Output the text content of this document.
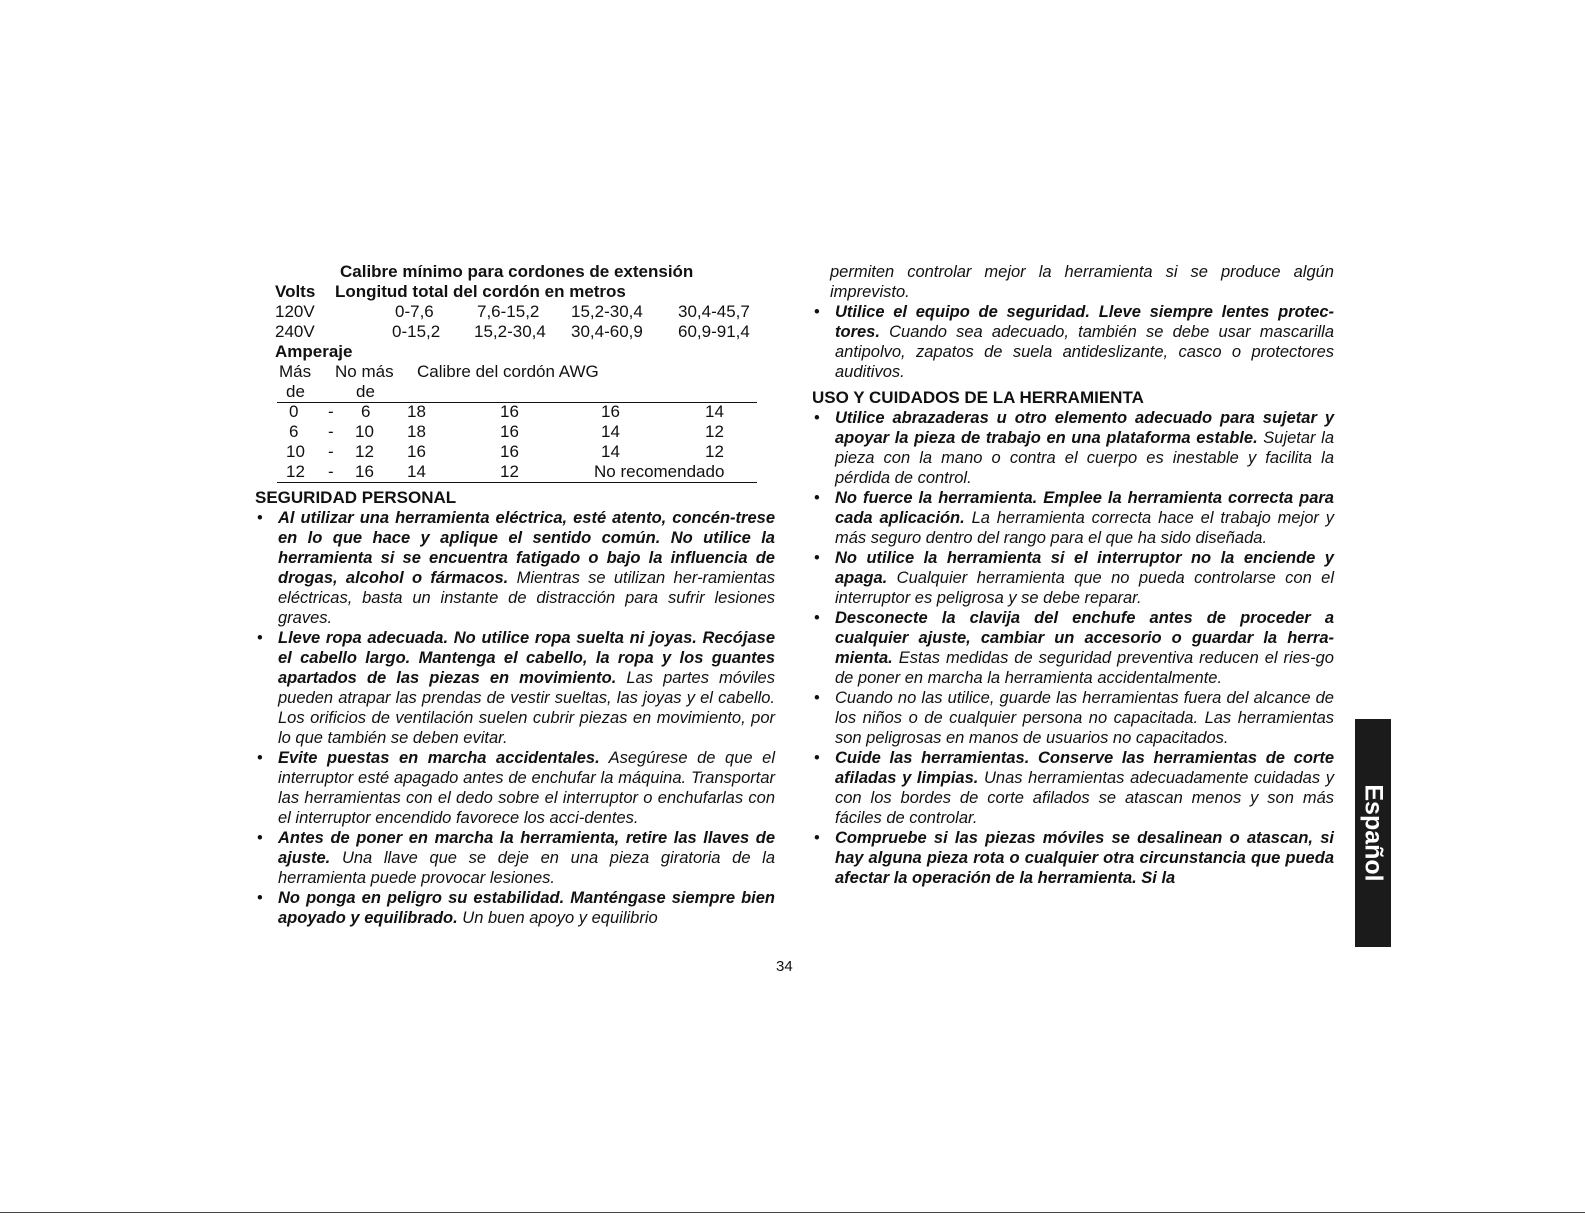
Calibre mínimo para cordones de extensión
Volts Longitud total del cordón en metros
120V	0-7,6	7,6-15,2 15,2-30,4 30,4-45,7
240V	0-15,2 15,2-30,4 30,4-60,9 60,9-91,4
Amperaje
Más No más Calibre del cordón AWG
de	de
0 - 6 18	16	16	14
6 - 10 18	16	14	12
10 - 12 16	16	14	12
12 - 16 14	12	No recomendado
SEGURIDAD PERSONAL
• Al utilizar una herramienta eléctrica, esté atento, concén-trese en lo que hace y aplique el sentido común. No utilice la herramienta si se encuentra fatigado o bajo la influencia de drogas, alcohol o fármacos. Mientras se utilizan her-ramientas eléctricas, basta un instante de distracción para sufrir lesiones graves.
• Lleve ropa adecuada. No utilice ropa suelta ni joyas. Recójase el cabello largo. Mantenga el cabello, la ropa y los guantes apartados de las piezas en movimiento. Las partes móviles pueden atrapar las prendas de vestir sueltas, las joyas y el cabello. Los orificios de ventilación suelen cubrir piezas en movimiento, por lo que también se deben evitar.
• Evite puestas en marcha accidentales. Asegúrese de que el interruptor esté apagado antes de enchufar la máquina. Transportar las herramientas con el dedo sobre el interruptor o enchufarlas con el interruptor encendido favorece los acci-dentes.
• Antes de poner en marcha la herramienta, retire las llaves de ajuste. Una llave que se deje en una pieza giratoria de la herramienta puede provocar lesiones.
• No ponga en peligro su estabilidad. Manténgase siempre bien apoyado y equilibrado. Un buen apoyo y equilibrio

permiten controlar mejor la herramienta si se produce algún imprevisto.

• Utilice el equipo de seguridad. Lleve siempre lentes protec-tores. Cuando sea adecuado, también se debe usar mascarilla antipolvo, zapatos de suela antideslizante, casco o protectores auditivos.
USO Y CUIDADOS DE LA HERRAMIENTA
• Utilice abrazaderas u otro elemento adecuado para sujetar y apoyar la pieza de trabajo en una plataforma estable. Sujetar la pieza con la mano o contra el cuerpo es inestable y facilita la pérdida de control.
• No fuerce la herramienta. Emplee la herramienta correcta para cada aplicación. La herramienta correcta hace el trabajo mejor y más seguro dentro del rango para el que ha sido diseñada.
• No utilice la herramienta si el interruptor no la enciende y apaga. Cualquier herramienta que no pueda controlarse con el interruptor es peligrosa y se debe reparar.
• Desconecte la clavija del enchufe antes de proceder a cualquier ajuste, cambiar un accesorio o guardar la herra-mienta. Estas medidas de seguridad preventiva reducen el ries-go de poner en marcha la herramienta accidentalmente.
• Cuando no las utilice, guarde las herramientas fuera del alcance de los niños o de cualquier persona no capacitada. Las herramientas son peligrosas en manos de usuarios no capacitados.
• Cuide las herramientas. Conserve las herramientas de corte afiladas y limpias. Unas herramientas adecuadamente cuidadas y con los bordes de corte afilados se atascan menos y son más fáciles de controlar.
• Compruebe si las piezas móviles se desalinean o atascan, si hay alguna pieza rota o cualquier otra circunstancia que pueda afectar la operación de la herramienta. Si la
34
Español
